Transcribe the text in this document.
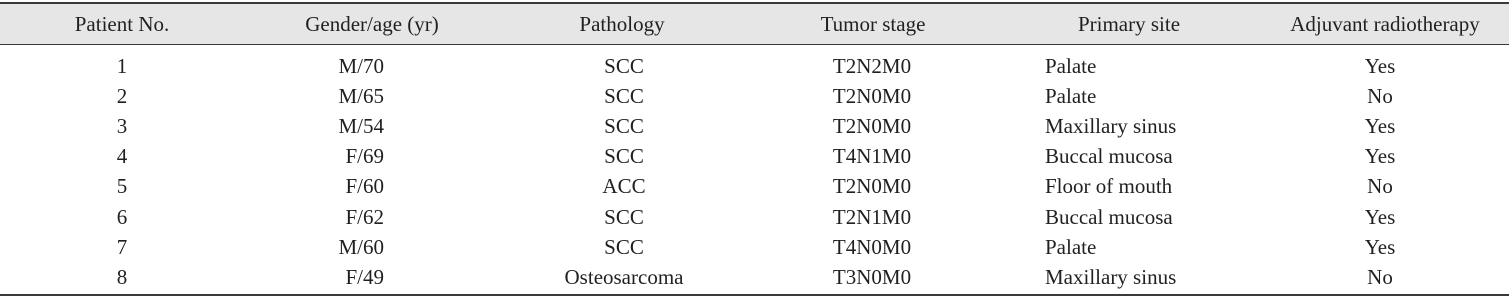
Patient No.	Gender/age (yr)	Pathology	Tumor stage	Primary site	Adjuvant radiotherapy
1	M/70	SCC	T2N2M0	Palate	Yes
2	M/65	SCC	T2N0M0	Palate	No
3	M/54	SCC	T2N0M0	Maxillary sinus	Yes
4	F/69	SCC	T4N1M0	Buccal mucosa	Yes
5	F/60	ACC	T2N0M0	Floor of mouth	No
6	F/62	SCC	T2N1M0	Buccal mucosa	Yes
7	M/60	SCC	T4N0M0	Palate	Yes
8	F/49	Osteosarcoma	T3N0M0	Maxillary sinus	No
